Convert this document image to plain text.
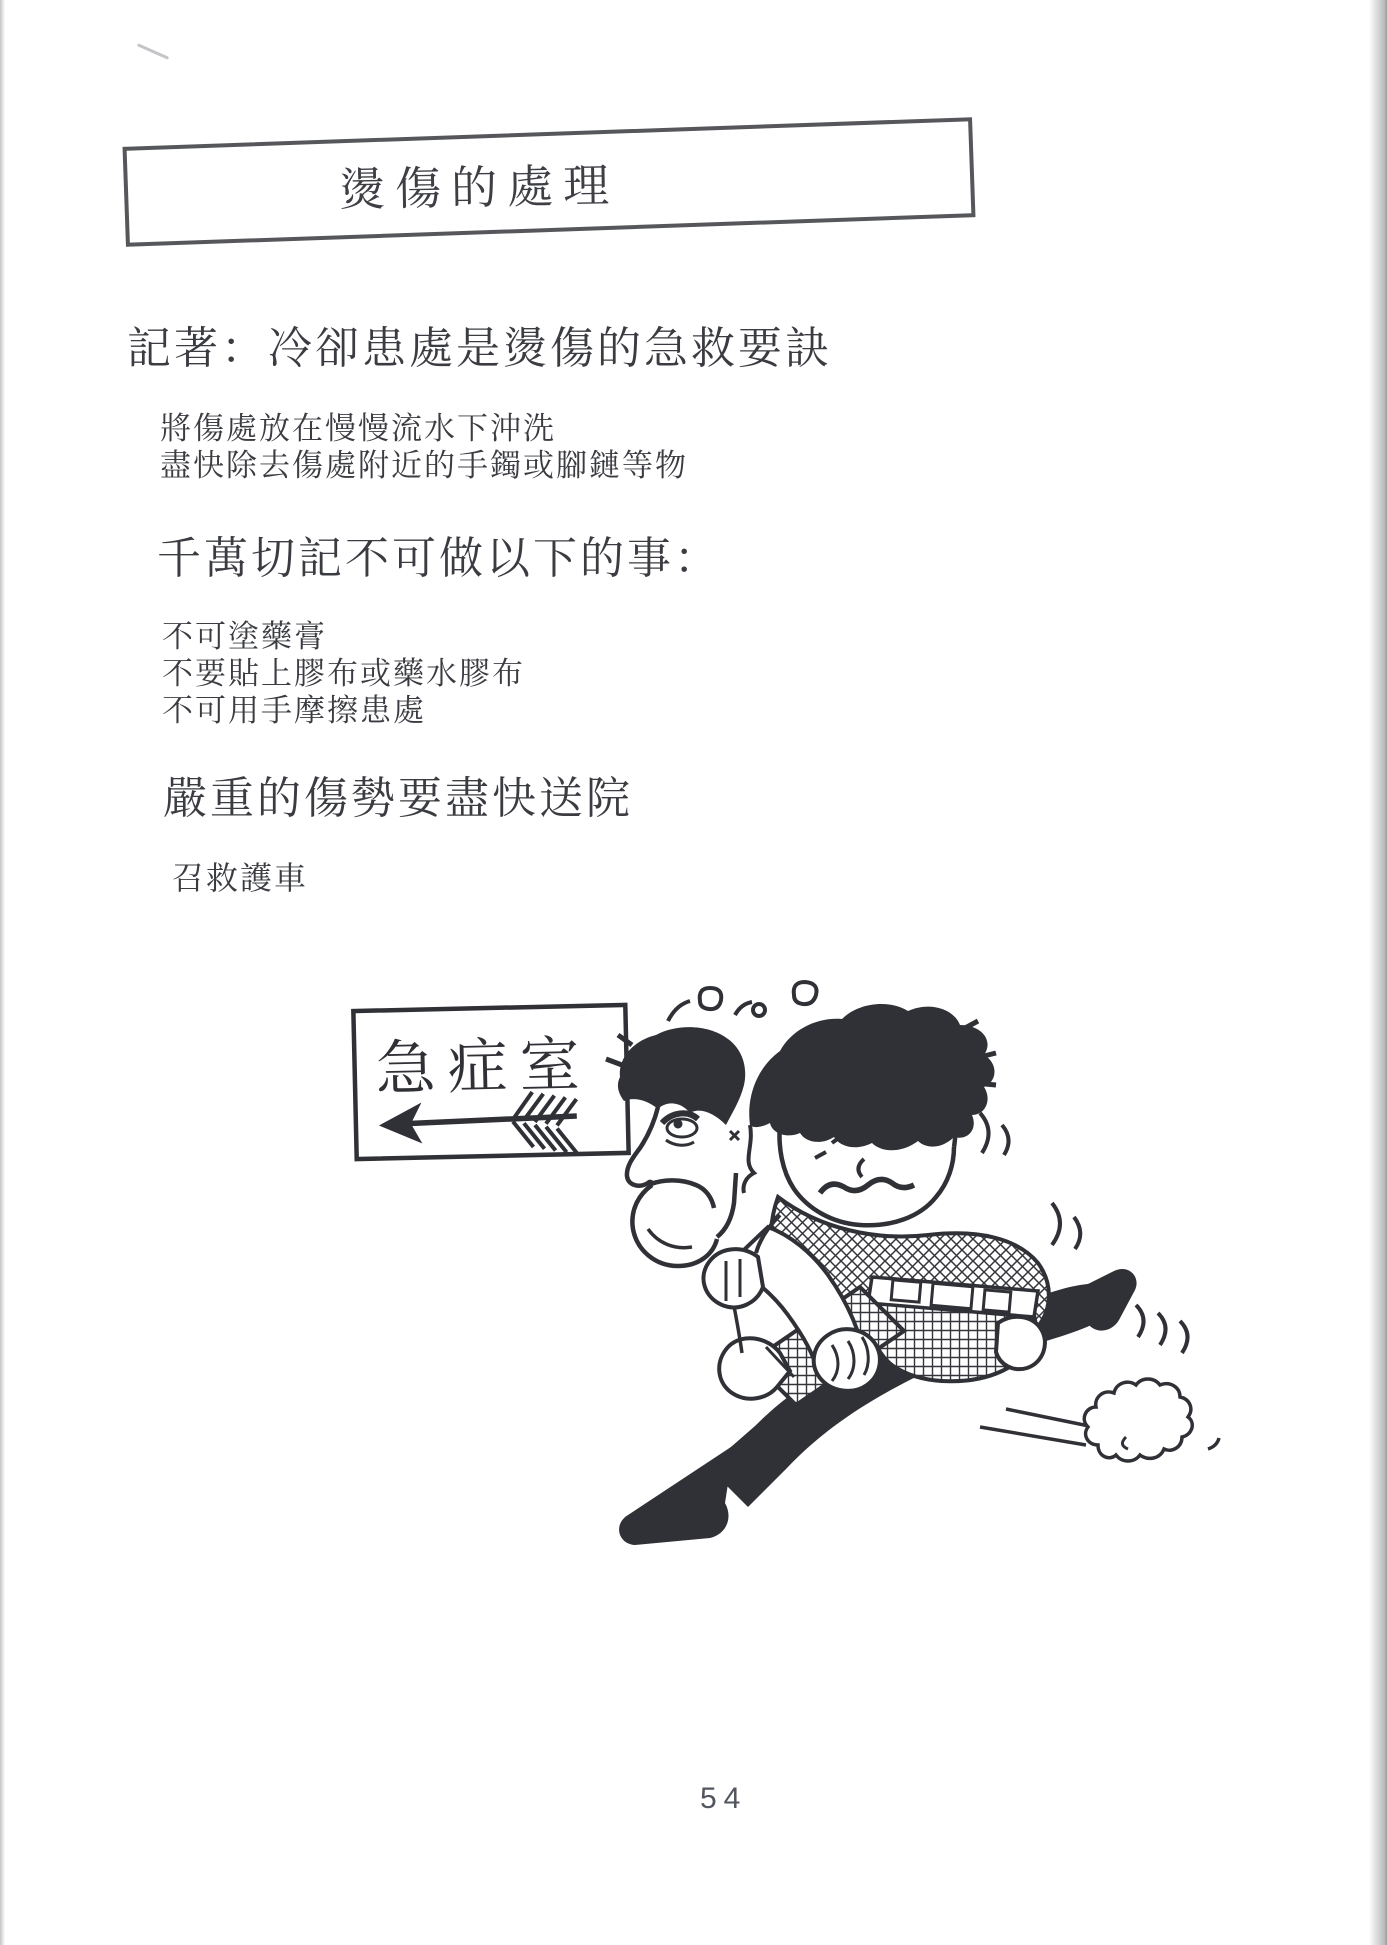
燙傷的處理
記著：冷卻患處是燙傷的急救要訣
將傷處放在慢慢流水下沖洗
盡快除去傷處附近的手鐲或腳鏈等物
千萬切記不可做以下的事：
不可塗藥膏
不要貼上膠布或藥水膠布
不可用手摩擦患處
嚴重的傷勢要盡快送院
召救護車
急症室
54
